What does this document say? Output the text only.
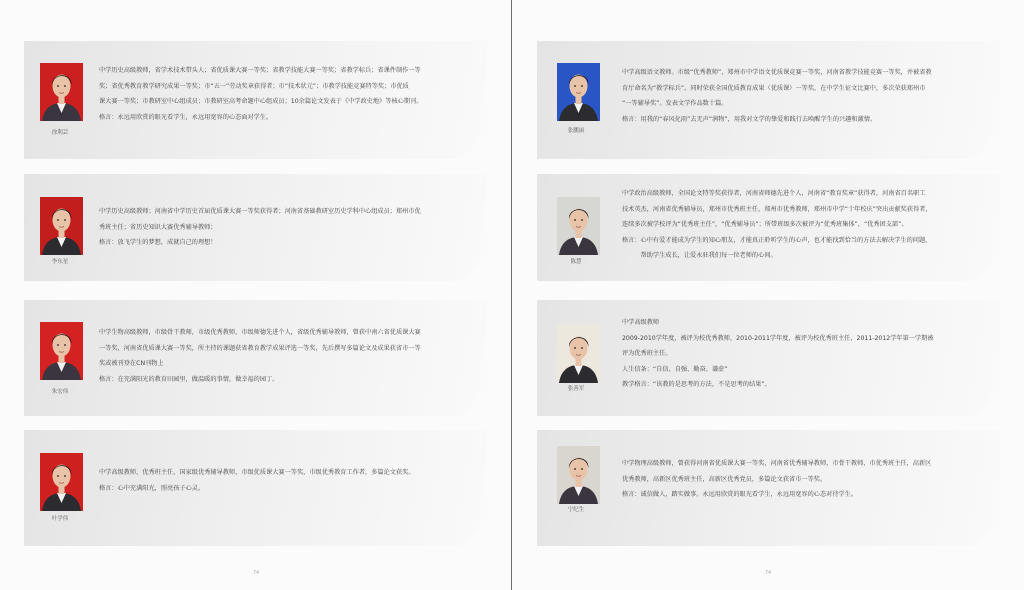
74	74
徐利芸

中学历史高级教师，省学术技术带头人；省优质课大赛一等奖；省教学技能大赛一等奖；省教学标兵；省课件制作一等

奖；省优秀教育教学研究成果一等奖；市“五一”劳动奖章获得者；市“技术状元”；市教学技能竞赛特等奖；市优质

课大赛一等奖；市教研室中心组成员；市教研室高考命题中心组成员；10余篇论文发表于《中学政史地》等核心期刊。

格言：永远用欣赏的眼光看学生，永远用宽容的心态面对学生。

李东星

中学历史高级教师；河南省中学历史首届优质课大赛一等奖获得者；河南省基础教研室历史学科中心组成员；郑州市优

秀班主任；省历史知识大赛优秀辅导教师；

格言：放飞学生的梦想，成就自己的理想！

朱宏伟

中学生物高级教师，市级骨干教师，市级优秀教师，市级师德先进个人，省级优秀辅导教师，曾获中南六省优质课大赛

一等奖，河南省优质课大赛一等奖，所主持的课题获省教育教学成果评选一等奖，先后撰写多篇论文及成果获省市一等

奖或被刊登在CN刊物上

格言：在充满阳光的教育田园里，做温暖的事情，做幸福的园丁。

叶学伟

中学高级教师，优秀班主任，国家级优秀辅导教师，市级优质课大赛一等奖，市级优秀教育工作者，多篇论文获奖。

格言：心中充满阳光，照亮孩子心灵。

张鹏丽

中学高级语文教师。市级“优秀教师”，郑州市中学语文优质课竞赛一等奖，河南省教学技能竞赛一等奖，并被省教

育厅命名为“教学标兵”。同时荣获全国优质教育成果（优质课）一等奖，在中学生征文比赛中，多次荣获郑州市

“一等辅导奖”。发表文学作品数十篇。

格言：用我的“春风化雨”去无声“润物”，用我对文学的挚爱和践行去唤醒学生的兴趣和激情。

陈慧

中学政治高级教师，全国论文特等奖获得者，河南省师德先进个人，河南省“教育奖章”获得者，河南省百名职工

技术英杰，河南省优秀辅导员，郑州市优秀班主任，郑州市优秀教师，郑州市中学“十年校庆”突出贡献奖获得者，

连续多次被学校评为“优秀班主任”，“优秀辅导员”；所带班级多次被评为“优秀班集体”，“优秀团支部”。

格言：心中有爱才能成为学生的知心朋友，才能真正聆听学生的心声，也才能找到恰当的方法去解决学生的问题，

　　　帮助学生成长，让爱永驻我们每一位老师的心间。

张善军

中学高级教师

2009-2010学年度，被评为校优秀教师，2010-2011学年度，被评为校优秀班主任，2011-2012学年第一学期被

评为优秀班主任。

人生信条：“自信、自强、勤奋、谦虚”

教学格言：“该教的是思考的方法，不是思考的结果”。

宁纪生

中学物理高级教师，曾获得河南省优质课大赛一等奖，河南省优秀辅导教师，市骨干教师，市优秀班主任，高新区

优秀教师，高新区优秀班主任，高新区优秀党员，多篇论文获省市一等奖。

格言：诚信做人，踏实做事。永远用欣赏的眼光看学生，永远用宽容的心态对待学生。
